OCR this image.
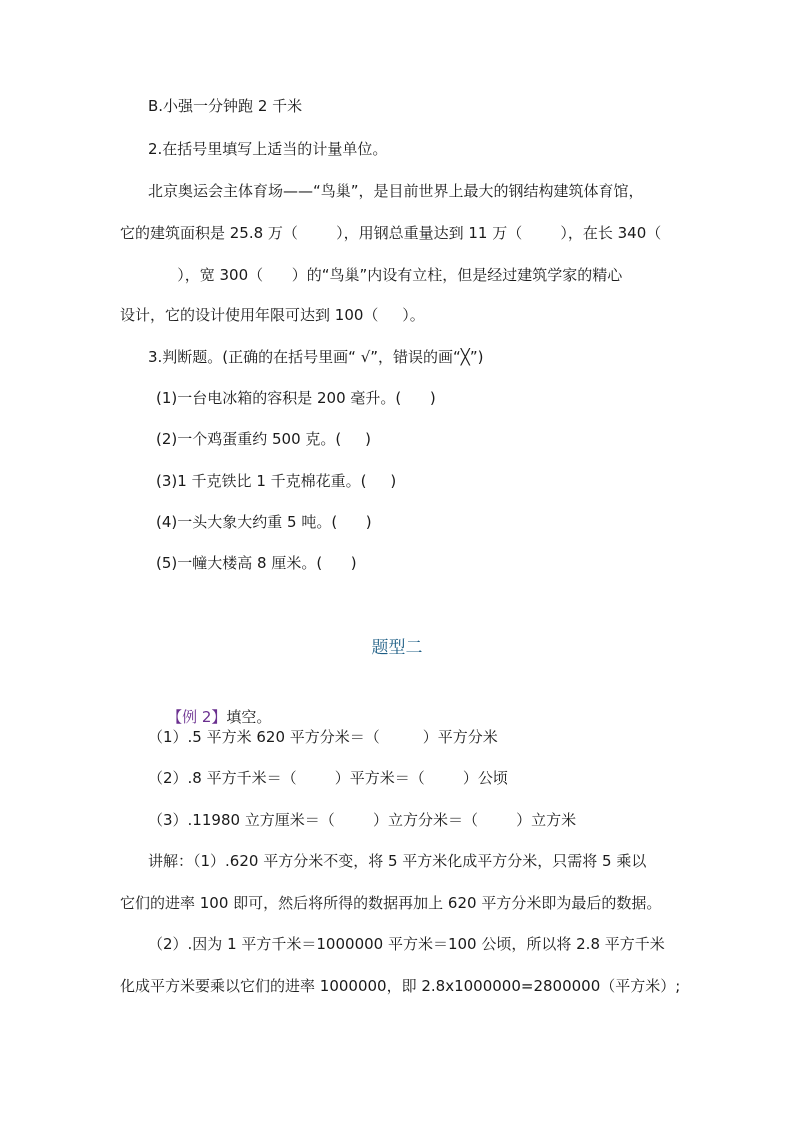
B.小强一分钟跑 2 千米
2.在括号里填写上适当的计量单位。
北京奥运会主体育场——“鸟巢”，是目前世界上最大的钢结构建筑体育馆，
它的建筑面积是 25.8 万（        ），用钢总重量达到 11 万（        ），在长 340（
），宽 300（      ）的“鸟巢”内设有立柱，但是经过建筑学家的精心
设计，它的设计使用年限可达到 100（     ）。
3.判断题。(正确的在括号里画“ √”，错误的画“╳”)
(1)一台电冰箱的容积是 200 毫升。(      )
(2)一个鸡蛋重约 500 克。(     )
(3)1 千克铁比 1 千克棉花重。(     )
(4)一头大象大约重 5 吨。(      )
(5)一幢大楼高 8 厘米。(      )
题型二

【例 2】填空。

（1）.5 平方米 620 平方分米＝（         ）平方分米
（2）.8 平方千米＝（        ）平方米＝（        ）公顷
（3）.11980 立方厘米＝（        ）立方分米＝（        ）立方米
讲解：（1）.620 平方分米不变，将 5 平方米化成平方分米，只需将 5 乘以
它们的进率 100 即可，然后将所得的数据再加上 620 平方分米即为最后的数据。
（2）.因为 1 平方千米＝1000000 平方米＝100 公顷，所以将 2.8 平方千米
化成平方米要乘以它们的进率 1000000，即 2.8x1000000=2800000（平方米）;
